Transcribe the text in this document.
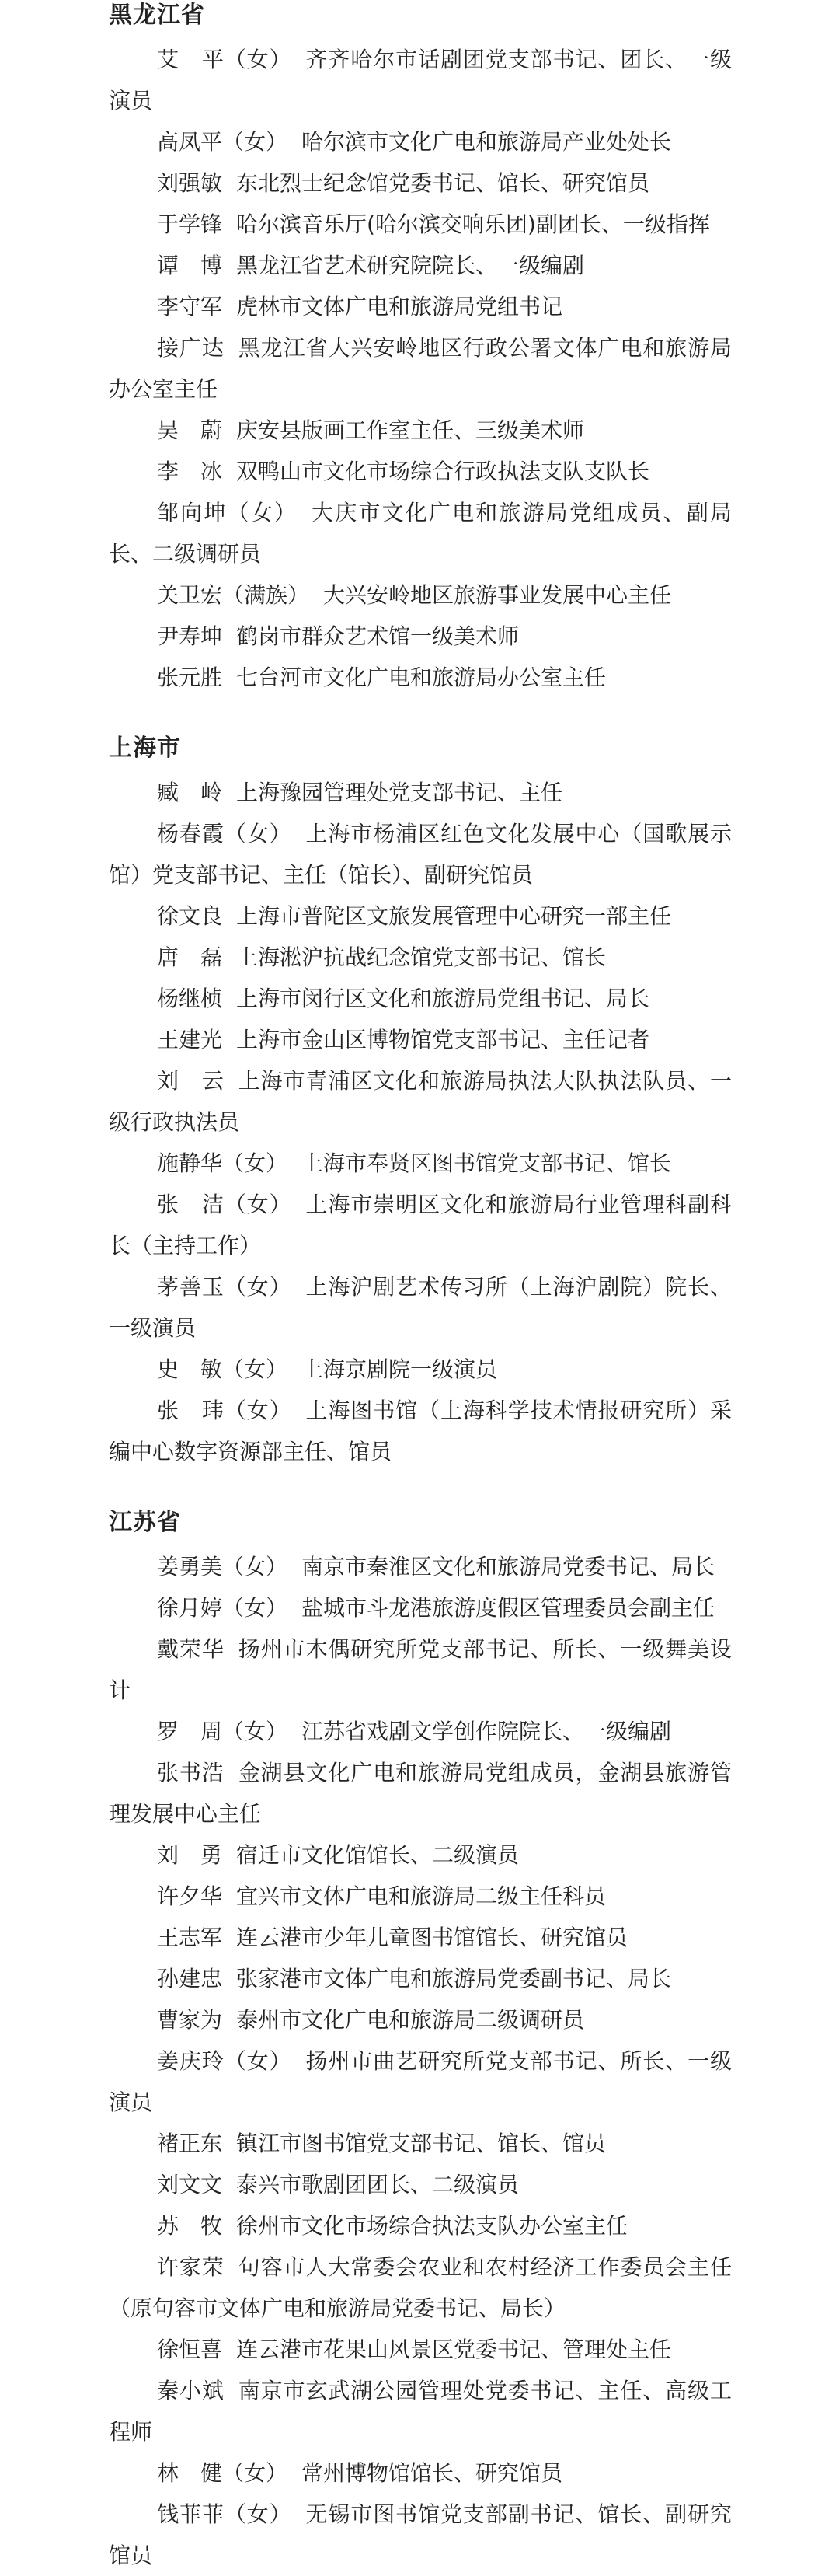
黑龙江省

艾　平（女） 齐齐哈尔市话剧团党支部书记、团长、一级演员

高凤平（女） 哈尔滨市文化广电和旅游局产业处处长

刘强敏 东北烈士纪念馆党委书记、馆长、研究馆员

于学锋 哈尔滨音乐厅(哈尔滨交响乐团)副团长、一级指挥

谭　博 黑龙江省艺术研究院院长、一级编剧

李守军 虎林市文体广电和旅游局党组书记

接广达 黑龙江省大兴安岭地区行政公署文体广电和旅游局办公室主任

吴　蔚 庆安县版画工作室主任、三级美术师

李　冰 双鸭山市文化市场综合行政执法支队支队长

邹向坤（女） 大庆市文化广电和旅游局党组成员、副局长、二级调研员

关卫宏（满族） 大兴安岭地区旅游事业发展中心主任

尹寿坤 鹤岗市群众艺术馆一级美术师

张元胜 七台河市文化广电和旅游局办公室主任

上海市

臧　岭 上海豫园管理处党支部书记、主任

杨春霞（女） 上海市杨浦区红色文化发展中心（国歌展示馆）党支部书记、主任（馆长）、副研究馆员

徐文良 上海市普陀区文旅发展管理中心研究一部主任

唐　磊 上海淞沪抗战纪念馆党支部书记、馆长

杨继桢 上海市闵行区文化和旅游局党组书记、局长

王建光 上海市金山区博物馆党支部书记、主任记者

刘　云 上海市青浦区文化和旅游局执法大队执法队员、一级行政执法员

施静华（女） 上海市奉贤区图书馆党支部书记、馆长

张　洁（女） 上海市崇明区文化和旅游局行业管理科副科长（主持工作）

茅善玉（女） 上海沪剧艺术传习所（上海沪剧院）院长、一级演员

史　敏（女） 上海京剧院一级演员

张　玮（女） 上海图书馆（上海科学技术情报研究所）采编中心数字资源部主任、馆员

江苏省

姜勇美（女） 南京市秦淮区文化和旅游局党委书记、局长

徐月婷（女） 盐城市斗龙港旅游度假区管理委员会副主任

戴荣华 扬州市木偶研究所党支部书记、所长、一级舞美设计

罗　周（女） 江苏省戏剧文学创作院院长、一级编剧

张书浩 金湖县文化广电和旅游局党组成员，金湖县旅游管理发展中心主任

刘　勇 宿迁市文化馆馆长、二级演员

许夕华 宜兴市文体广电和旅游局二级主任科员

王志军 连云港市少年儿童图书馆馆长、研究馆员

孙建忠 张家港市文体广电和旅游局党委副书记、局长

曹家为 泰州市文化广电和旅游局二级调研员

姜庆玲（女） 扬州市曲艺研究所党支部书记、所长、一级演员

褚正东 镇江市图书馆党支部书记、馆长、馆员

刘文文 泰兴市歌剧团团长、二级演员

苏　牧 徐州市文化市场综合执法支队办公室主任

许家荣 句容市人大常委会农业和农村经济工作委员会主任（原句容市文体广电和旅游局党委书记、局长）

徐恒喜 连云港市花果山风景区党委书记、管理处主任

秦小斌 南京市玄武湖公园管理处党委书记、主任、高级工程师

林　健（女） 常州博物馆馆长、研究馆员

钱菲菲（女） 无锡市图书馆党支部副书记、馆长、副研究馆员
